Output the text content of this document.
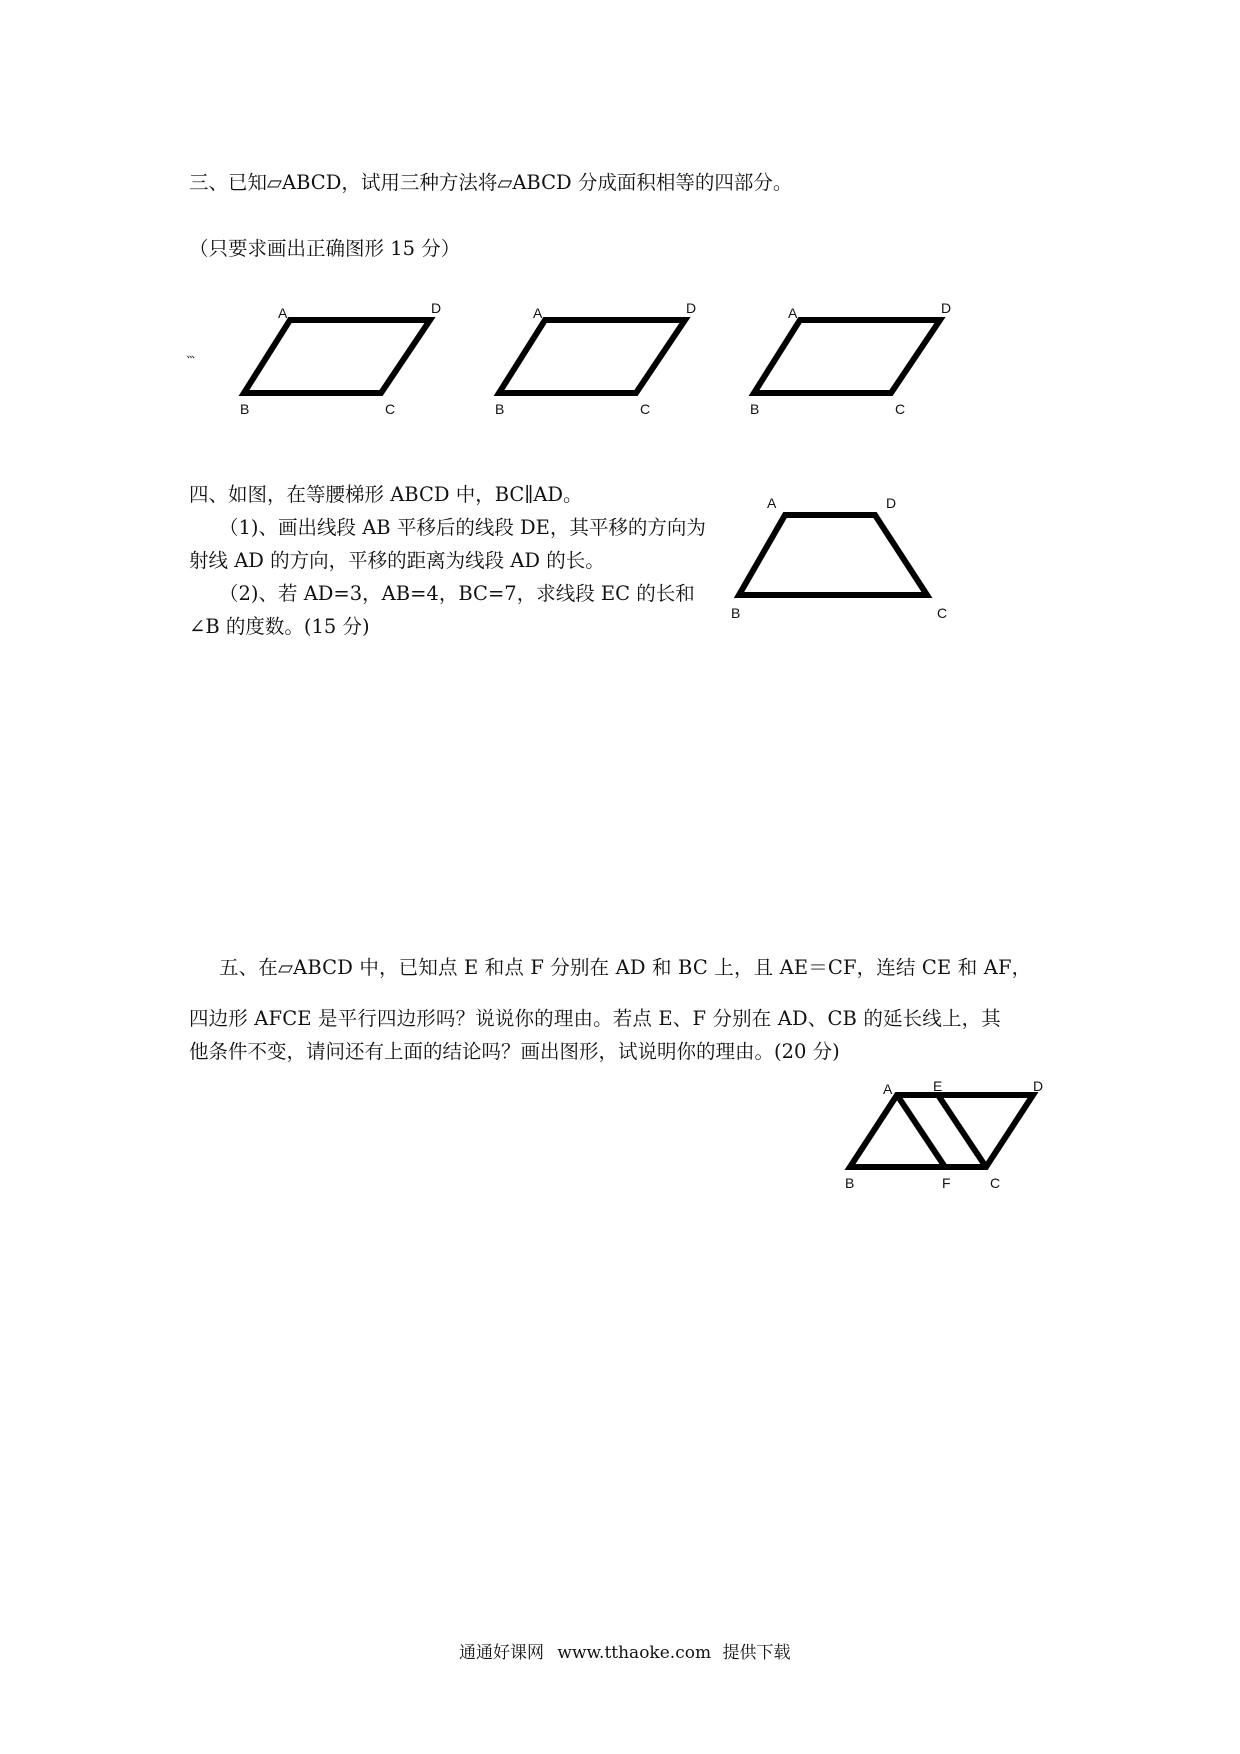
三、已知▱ABCD，试用三种方法将▱ABCD 分成面积相等的四部分。
（只要求画出正确图形 15 分）
、、、
A	D
B	C
A	D
B	C
A	D
B	C
四、如图，在等腰梯形 ABCD 中，BC∥AD。
（1)、画出线段 AB 平移后的线段 DE，其平移的方向为
射线 AD 的方向，平移的距离为线段 AD 的长。
（2)、若 AD=3，AB=4，BC=7，求线段 EC 的长和
∠B 的度数。(15 分)
A	D
B	C
五、在▱ABCD 中，已知点 E 和点 F 分别在 AD 和 BC 上，且 AE＝CF，连结 CE 和 AF，
四边形 AFCE 是平行四边形吗？说说你的理由。若点 E、F 分别在 AD、CB 的延长线上，其
他条件不变，请问还有上面的结论吗？画出图形，试说明你的理由。(20 分)
A	E	D
B	F	C
通通好课网 www.tthaoke.com 提供下载
